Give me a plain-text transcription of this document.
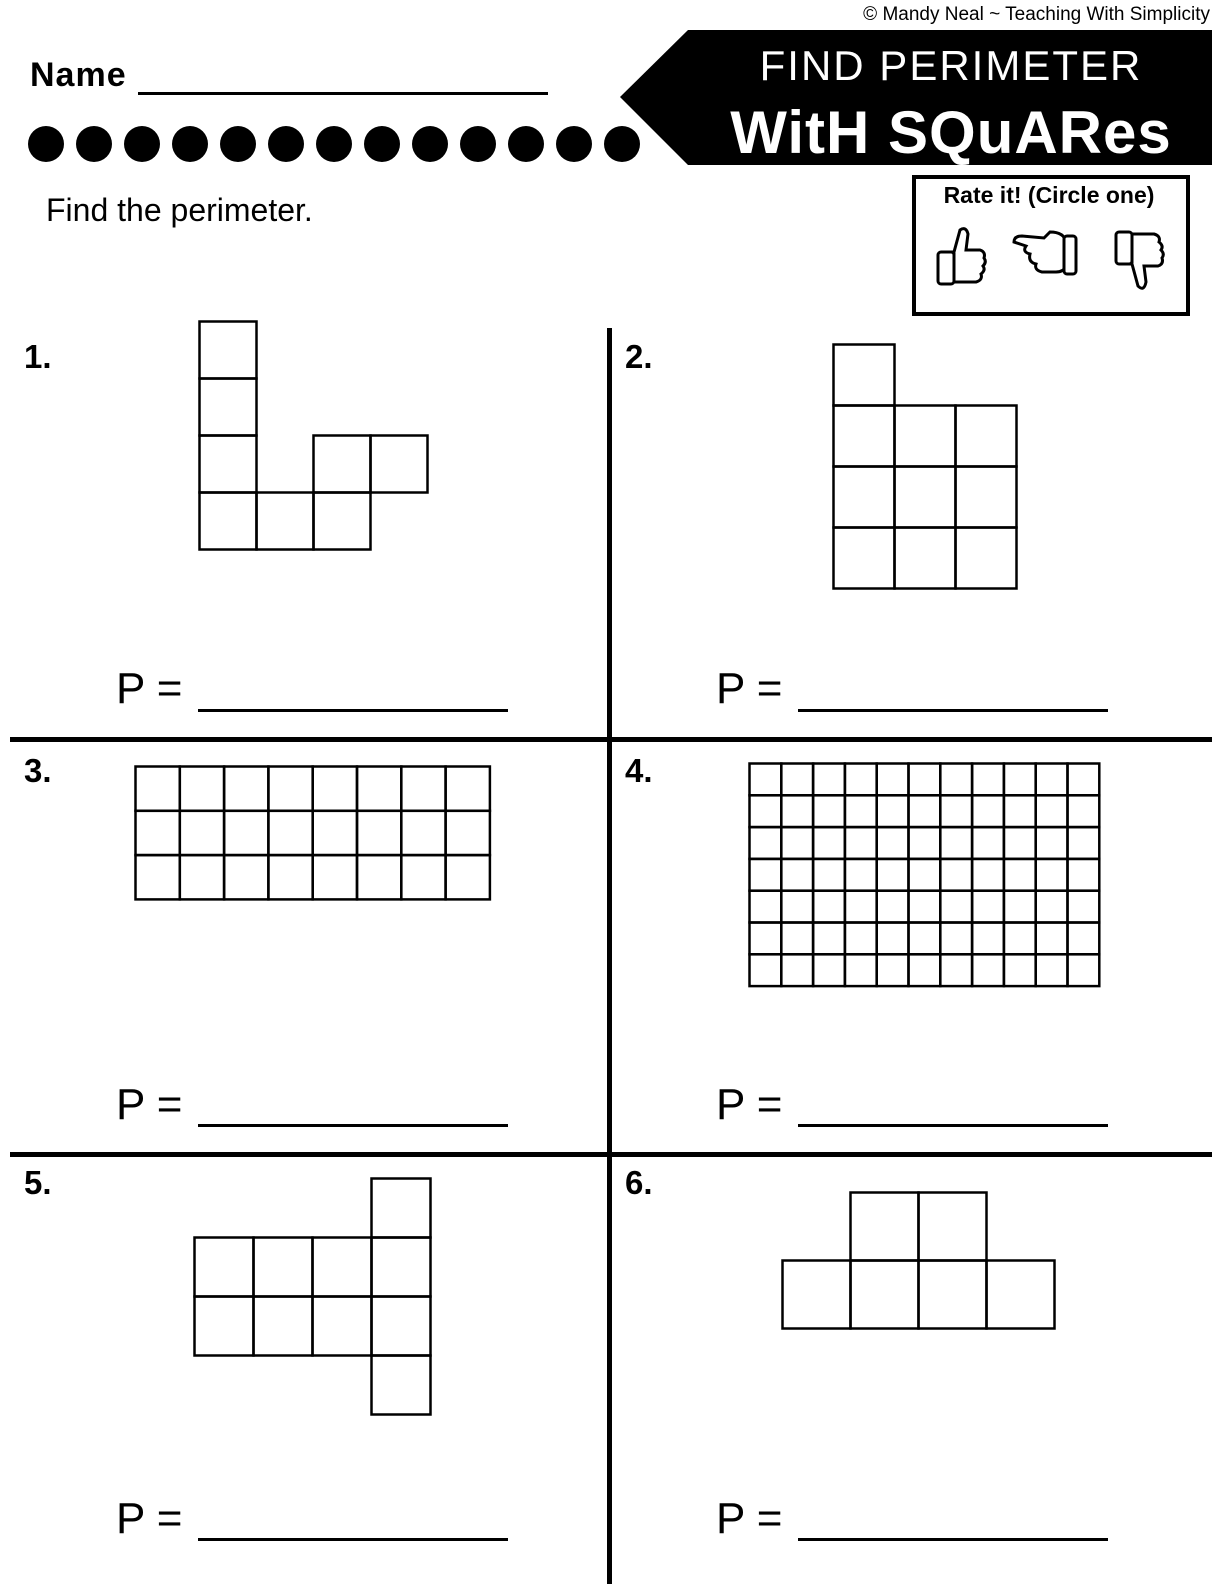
© Mandy Neal ~ Teaching With Simplicity
Name	FIND PERIMETER
WitH SQuARes
Rate it! (Circle one)
Find the perimeter.
1.
P =
2.
P =
3.
P =
4.
P =
5.
P =
6.
P =
